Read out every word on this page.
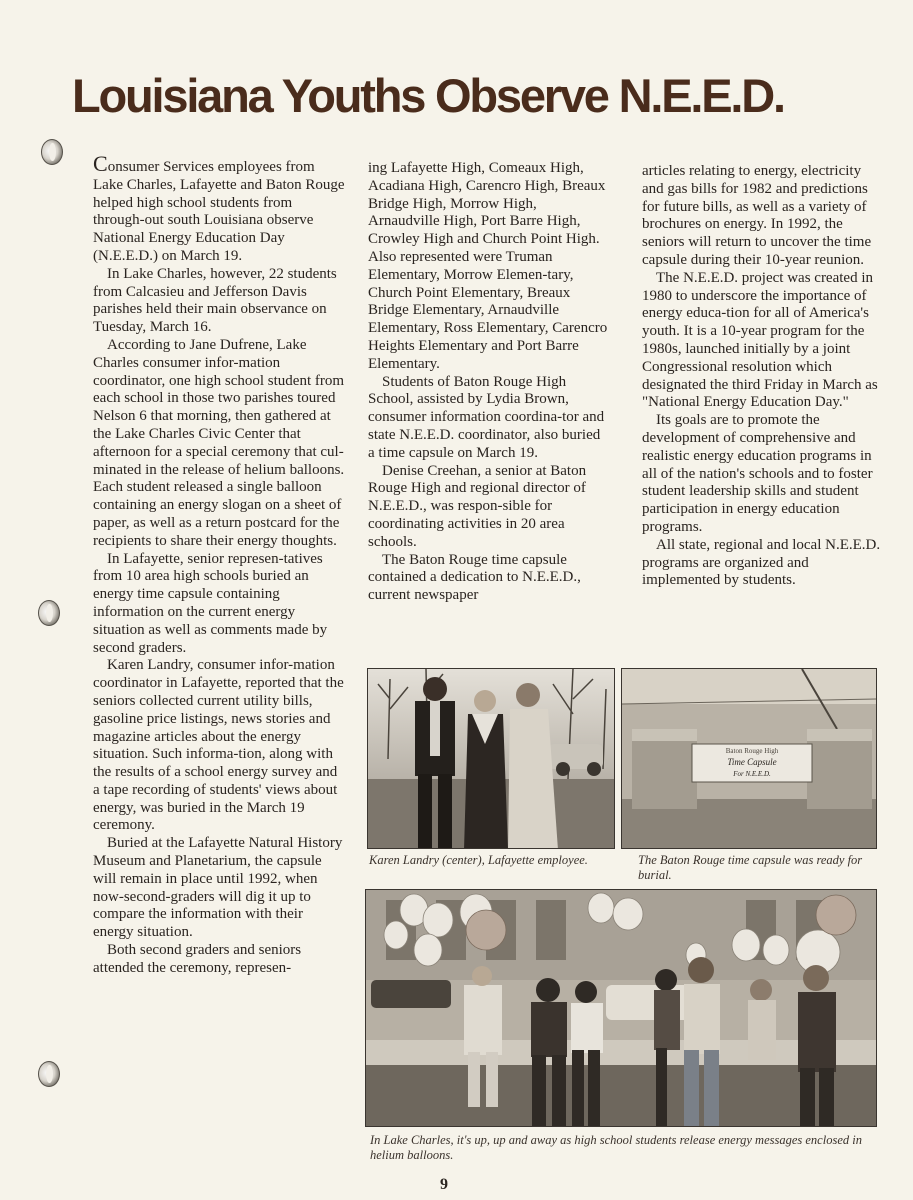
Louisiana Youths Observe N.E.E.D.

Consumer Services employees from Lake Charles, Lafayette and Baton Rouge helped high school students from through-out south Louisiana observe National Energy Education Day (N.E.E.D.) on March 19.

In Lake Charles, however, 22 students from Calcasieu and Jefferson Davis parishes held their main observance on Tuesday, March 16.

According to Jane Dufrene, Lake Charles consumer infor-mation coordinator, one high school student from each school in those two parishes toured Nelson 6 that morning, then gathered at the Lake Charles Civic Center that afternoon for a special ceremony that cul-minated in the release of helium balloons. Each student released a single balloon containing an energy slogan on a sheet of paper, as well as a return postcard for the recipients to share their energy thoughts.

In Lafayette, senior represen-tatives from 10 area high schools buried an energy time capsule containing information on the current energy situation as well as comments made by second graders.

Karen Landry, consumer infor-mation coordinator in Lafayette, reported that the seniors collected current utility bills, gasoline price listings, news stories and magazine articles about the energy situation. Such informa-tion, along with the results of a school energy survey and a tape recording of students' views about energy, was buried in the March 19 ceremony.

Buried at the Lafayette Natural History Museum and Planetarium, the capsule will remain in place until 1992, when now-second-graders will dig it up to compare the information with their energy situation.

Both second graders and seniors attended the ceremony, represen-

ing Lafayette High, Comeaux High, Acadiana High, Carencro High, Breaux Bridge High, Morrow High, Arnaudville High, Port Barre High, Crowley High and Church Point High. Also represented were Truman Elementary, Morrow Elemen-tary, Church Point Elementary, Breaux Bridge Elementary, Arnaudville Elementary, Ross Elementary, Carencro Heights Elementary and Port Barre Elementary.

Students of Baton Rouge High School, assisted by Lydia Brown, consumer information coordina-tor and state N.E.E.D. coordinator, also buried a time capsule on March 19.

Denise Creehan, a senior at Baton Rouge High and regional director of N.E.E.D., was respon-sible for coordinating activities in 20 area schools.

The Baton Rouge time capsule contained a dedication to N.E.E.D., current newspaper

articles relating to energy, electricity and gas bills for 1982 and predictions for future bills, as well as a variety of brochures on energy. In 1992, the seniors will return to uncover the time capsule during their 10-year reunion.

The N.E.E.D. project was created in 1980 to underscore the importance of energy educa-tion for all of America's youth. It is a 10-year program for the 1980s, launched initially by a joint Congressional resolution which designated the third Friday in March as "National Energy Education Day."

Its goals are to promote the development of comprehensive and realistic energy education programs in all of the nation's schools and to foster student leadership skills and student participation in energy education programs.

All state, regional and local N.E.E.D. programs are organized and implemented by students.

Karen Landry (center), Lafayette employee.
Baton Rouge High
Time Capsule
For N.E.E.D.
The Baton Rouge time capsule was ready for burial.
In Lake Charles, it's up, up and away as high school students release energy messages enclosed in helium balloons.
9
